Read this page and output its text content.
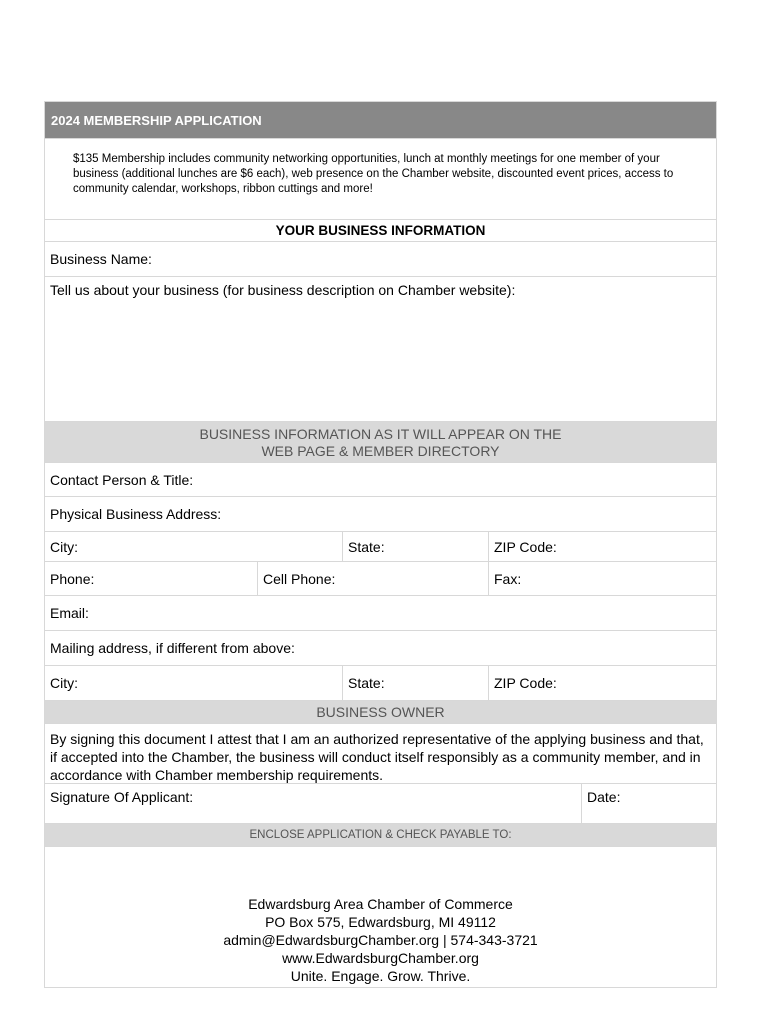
2024 MEMBERSHIP APPLICATION
$135 Membership includes community networking opportunities, lunch at monthly meetings for one member of your business (additional lunches are $6 each), web presence on the Chamber website, discounted event prices, access to community calendar, workshops, ribbon cuttings and more!
YOUR BUSINESS INFORMATION
Business Name:
Tell us about your business (for business description on Chamber website):
BUSINESS INFORMATION AS IT WILL APPEAR ON THE
WEB PAGE & MEMBER DIRECTORY
Contact Person & Title:
Physical Business Address:
City:	State:	ZIP Code:
Phone:	Cell Phone:	Fax:
Email:
Mailing address, if different from above:
City:	State:	ZIP Code:
BUSINESS OWNER
By signing this document I attest that I am an authorized representative of the applying business and that, if accepted into the Chamber, the business will conduct itself responsibly as a community member, and in accordance with Chamber membership requirements.
Signature Of Applicant:	Date:
ENCLOSE APPLICATION & CHECK PAYABLE TO:
Edwardsburg Area Chamber of Commerce
PO Box 575, Edwardsburg, MI 49112
admin@EdwardsburgChamber.org | 574-343-3721
www.EdwardsburgChamber.org
Unite. Engage. Grow. Thrive.
